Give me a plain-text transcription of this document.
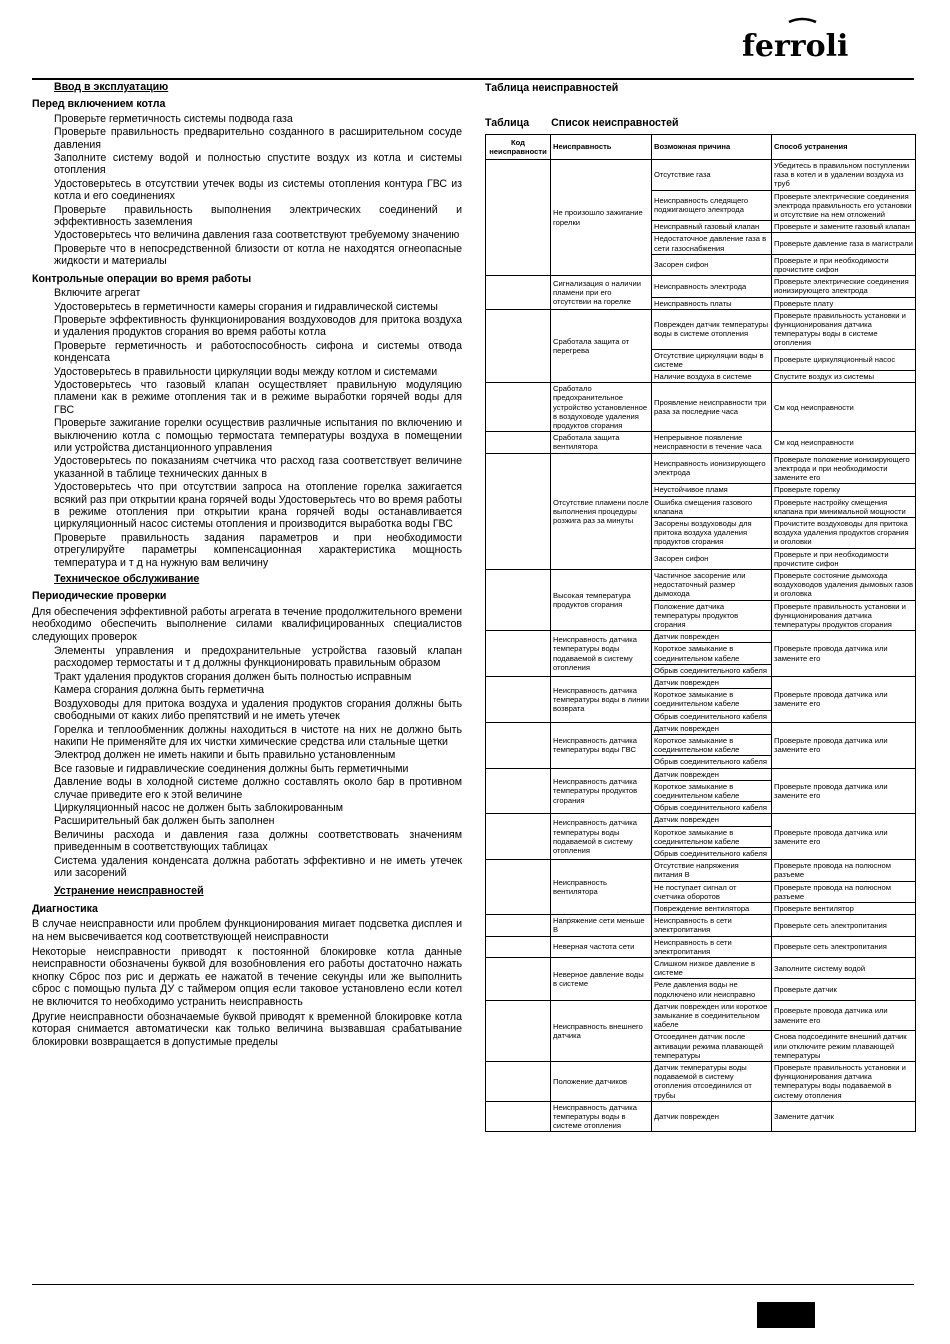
ferroli
Ввод в эксплуатацию
Перед включением котла
Проверьте герметичность системы подвода газа
Проверьте правильность предварительно созданного в расширительном сосуде давления
Заполните систему водой и полностью спустите воздух из котла и системы отопления
Удостоверьтесь в отсутствии утечек воды из системы отопления контура ГВС из котла и его соединениях
Проверьте правильность выполнения электрических соединений и эффективность заземления
Удостоверьтесь что величина давления газа соответствуют требуемому значению
Проверьте что в непосредственной близости от котла не находятся огнеопасные жидкости и материалы
Контрольные операции во время работы
Включите агрегат
Удостоверьтесь в герметичности камеры сгорания и гидравлической системы
Проверьте эффективность функционирования воздуховодов для притока воздуха и удаления продуктов сгорания во время работы котла
Проверьте герметичность и работоспособность сифона и системы отвода конденсата
Удостоверьтесь в правильности циркуляции воды между котлом и системами
Удостоверьтесь что газовый клапан осуществляет правильную модуляцию пламени как в режиме отопления так и в режиме выработки горячей воды для ГВС
Проверьте зажигание горелки осуществив различные испытания по включению и выключению котла с помощью термостата температуры воздуха в помещении или устройства дистанционного управления
Удостоверьтесь по показаниям счетчика что расход газа соответствует величине указанной в таблице технических данных в
Удостоверьтесь что при отсутствии запроса на отопление горелка зажигается всякий раз при открытии крана горячей воды Удостоверьтесь что во время работы в режиме отопления при открытии крана горячей воды останавливается циркуляционный насос системы отопления и производится выработка воды ГВС
Проверьте правильность задания параметров и при необходимости отрегулируйте параметры компенсационная характеристика мощность температура и т д на нужную вам величину
Техническое обслуживание
Периодические проверки
Для обеспечения эффективной работы агрегата в течение продолжительного времени необходимо обеспечить выполнение силами квалифицированных специалистов следующих проверок
Элементы управления и предохранительные устройства газовый клапан расходомер термостаты и т д должны функционировать правильным образом
Тракт удаления продуктов сгорания должен быть полностью исправным
Камера сгорания должна быть герметична
Воздуховоды для притока воздуха и удаления продуктов сгорания должны быть свободными от каких либо препятствий и не иметь утечек
Горелка и теплообменник должны находиться в чистоте на них не должно быть накипи Не применяйте для их чистки химические средства или стальные щетки
Электрод должен не иметь накипи и быть правильно установленным
Все газовые и гидравлические соединения должны быть герметичными
Давление воды в холодной системе должно составлять около бар в противном случае приведите его к этой величине
Циркуляционный насос не должен быть заблокированным
Расширительный бак должен быть заполнен
Величины расхода и давления газа должны соответствовать значениям приведенным в соответствующих таблицах
Система удаления конденсата должна работать эффективно и не иметь утечек или засорений
Устранение неисправностей
Диагностика
В случае неисправности или проблем функционирования мигает подсветка дисплея и на нем высвечивается код соответствующей неисправности
Некоторые неисправности приводят к постоянной блокировке котла данные неисправности обозначены буквой для возобновления его работы достаточно нажать кнопку Сброс поз рис и держать ее нажатой в течение секунды или же выполнить сброс с помощью пульта ДУ с таймером опция если таковое установлено если котел не включится то необходимо устранить неисправность
Другие неисправности обозначаемые буквой приводят к временной блокировке котла которая снимается автоматически как только величина вызвавшая срабатывание блокировки возвращается в допустимые пределы
Таблица неисправностей
Таблица Список неисправностей
Код неисправности	Неисправность	Возможная причина	Способ устранения
	Не произошло зажигание горелки	Отсутствие газа	Убедитесь в правильном поступлении газа в котел и в удалении воздуха из труб
		Неисправность следящего поджигающего электрода	Проверьте электрические соединения электрода правильность его установки и отсутствие на нем отложений
		Неисправный газовый клапан	Проверьте и замените газовый клапан
		Недостаточное давление газа в сети газоснабжения	Проверьте давление газа в магистрали
		Засорен сифон	Проверьте и при необходимости прочистите сифон
	Сигнализация о наличии пламени при его отсутствии на горелке	Неисправность электрода	Проверьте электрические соединения ионизирующего электрода
		Неисправность платы	Проверьте плату
	Сработала защита от перегрева	Поврежден датчик температуры воды в системе отопления	Проверьте правильность установки и функционирования датчика температуры воды в системе отопления
		Отсутствие циркуляции воды в системе	Проверьте циркуляционный насос
		Наличие воздуха в системе	Спустите воздух из системы
	Сработало предохранительное устройство установленное в воздуховоде удаления продуктов сгорания	Проявление неисправности три раза за последние часа	См код неисправности
	Сработала защита вентилятора	Непрерывное появление неисправности в течение часа	См код неисправности
	Отсутствие пламени после выполнения процедуры розжига раз за минуты	Неисправность ионизирующего электрода	Проверьте положение ионизирующего электрода и при необходимости замените его
		Неустойчивое пламя	Проверьте горелку
		Ошибка смещения газового клапана	Проверьте настройку смещения клапана при минимальной мощности
		Засорены воздуховоды для притока воздуха удаления продуктов сгорания	Прочистите воздуховоды для притока воздуха удаления продуктов сгорания и оголовки
		Засорен сифон	Проверьте и при необходимости прочистите сифон
	Высокая температура продуктов сгорания	Частичное засорение или недостаточный размер дымохода	Проверьте состояние дымохода воздуховодов удаления дымовых газов и оголовка
		Положение датчика температуры продуктов сгорания	Проверьте правильность установки и функционирования датчика температуры продуктов сгорания
	Неисправность датчика температуры воды подаваемой в систему отопления	Датчик поврежден	Проверьте провода датчика или замените его
		Короткое замыкание в соединительном кабеле	
		Обрыв соединительного кабеля	
	Неисправность датчика температуры воды в линии возврата	Датчик поврежден	Проверьте провода датчика или замените его
		Короткое замыкание в соединительном кабеле	
		Обрыв соединительного кабеля	
	Неисправность датчика температуры воды ГВС	Датчик поврежден	Проверьте провода датчика или замените его
		Короткое замыкание в соединительном кабеле	
		Обрыв соединительного кабеля	
	Неисправность датчика температуры продуктов сгорания	Датчик поврежден	Проверьте провода датчика или замените его
		Короткое замыкание в соединительном кабеле	
		Обрыв соединительного кабеля	
	Неисправность датчика температуры воды подаваемой в систему отопления	Датчик поврежден	Проверьте провода датчика или замените его
		Короткое замыкание в соединительном кабеле	
		Обрыв соединительного кабеля	
	Неисправность вентилятора	Отсутствие напряжения питания В	Проверьте провода на полюсном разъеме
		Не поступает сигнал от счетчика оборотов	Проверьте провода на полюсном разъеме
		Повреждение вентилятора	Проверьте вентилятор
	Напряжение сети меньше В	Неисправность в сети электропитания	Проверьте сеть электропитания
	Неверная частота сети	Неисправность в сети электропитания	Проверьте сеть электропитания
	Неверное давление воды в системе	Слишком низкое давление в системе	Заполните систему водой
		Реле давления воды не подключено или неисправно	Проверьте датчик
	Неисправность внешнего датчика	Датчик поврежден или короткое замыкание в соединительном кабеле	Проверьте провода датчика или замените его
		Отсоединен датчик после активации режима плавающей температуры	Снова подсоедините внешний датчик или отключите режим плавающей температуры
	Положение датчиков	Датчик температуры воды подаваемой в систему отопления отсоединился от трубы	Проверьте правильность установки и функционирования датчика температуры воды подаваемой в систему отопления
	Неисправность датчика температуры воды в системе отопления	Датчик поврежден	Замените датчик
